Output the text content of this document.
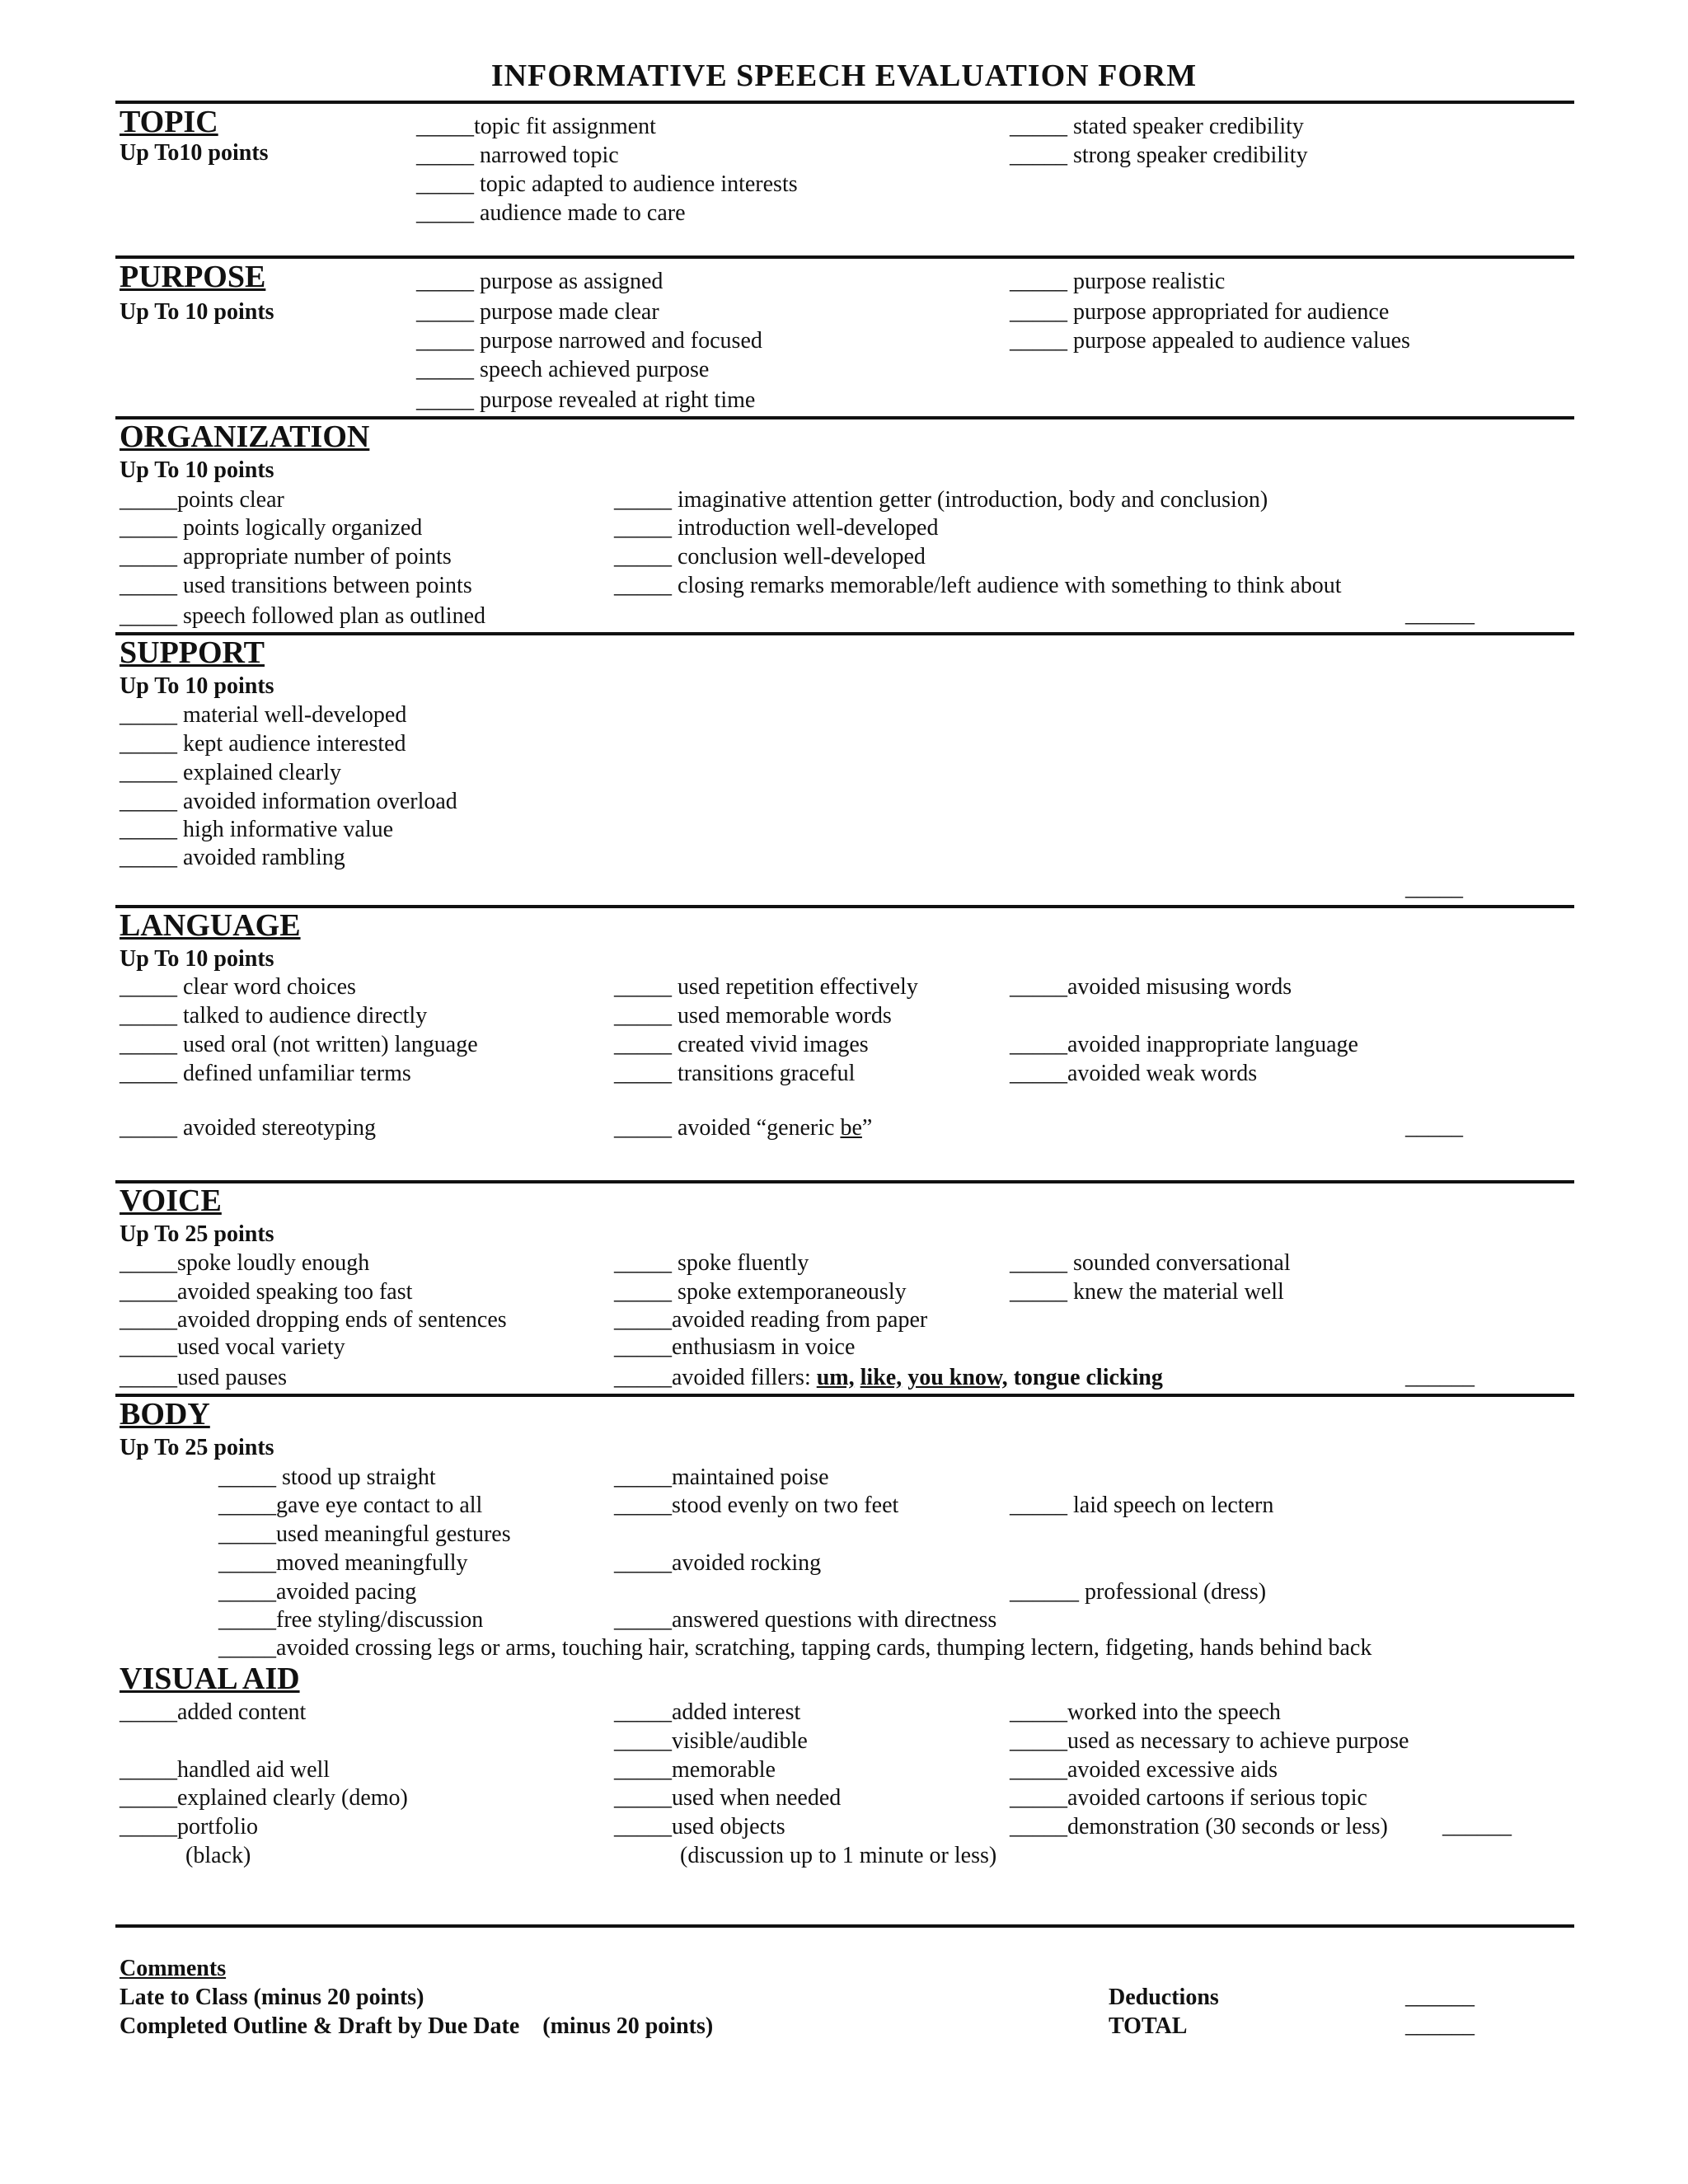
INFORMATIVE SPEECH EVALUATION FORM
TOPIC
Up To10 points
_____topic fit assignment
_____ narrowed topic
_____ topic adapted to audience interests
_____ audience made to care
_____ stated speaker credibility
_____ strong speaker credibility
PURPOSE
Up To 10 points
_____ purpose as assigned
_____ purpose made clear
_____ purpose narrowed and focused
_____ speech achieved purpose
_____ purpose revealed at right time
_____ purpose realistic
_____ purpose appropriated for audience
_____ purpose appealed to audience values
ORGANIZATION
Up To 10 points
_____points clear
_____ points logically organized
_____ appropriate number of points
_____ used transitions between points
_____ speech followed plan as outlined
_____ imaginative attention getter (introduction, body and conclusion)
_____ introduction well-developed
_____ conclusion well-developed
_____ closing remarks memorable/left audience with something to think about
______
SUPPORT
Up To 10 points
_____ material well-developed
_____ kept audience interested
_____ explained clearly
_____ avoided information overload
_____ high informative value
_____ avoided rambling
_____
LANGUAGE
Up To 10 points
_____ clear word choices
_____ talked to audience directly
_____ used oral (not written) language
_____ defined unfamiliar terms
_____ avoided stereotyping
_____ used repetition effectively
_____ used memorable words
_____ created vivid images
_____ transitions graceful
_____ avoided “generic be”
_____avoided misusing words
_____avoided inappropriate language
_____avoided weak words
_____
VOICE
Up To 25 points
_____spoke loudly enough
_____avoided speaking too fast
_____avoided dropping ends of sentences
_____used vocal variety
_____used pauses
_____ spoke fluently
_____ spoke extemporaneously
_____avoided reading from paper
_____enthusiasm in voice
_____avoided fillers: um, like, you know, tongue clicking
_____ sounded conversational
_____ knew the material well
______
BODY
Up To 25 points
_____ stood up straight
_____gave eye contact to all
_____used meaningful gestures
_____moved meaningfully
_____avoided pacing
_____free styling/discussion
_____maintained poise
_____stood evenly on two feet
_____avoided rocking
_____answered questions with directness
_____ laid speech on lectern
______ professional (dress)
_____avoided crossing legs or arms, touching hair, scratching, tapping cards, thumping lectern, fidgeting, hands behind back
VISUAL AID
_____added content
_____handled aid well
_____explained clearly (demo)
_____portfolio
(black)
_____added interest
_____visible/audible
_____memorable
_____used when needed
_____used objects
(discussion up to 1 minute or less)
_____worked into the speech
_____used as necessary to achieve purpose
_____avoided excessive aids
_____avoided cartoons if serious topic
_____demonstration (30 seconds or less) ______
Comments
Late to Class (minus 20 points)
Completed Outline & Draft by Due Date    (minus 20 points)
Deductions
TOTAL
______
______
